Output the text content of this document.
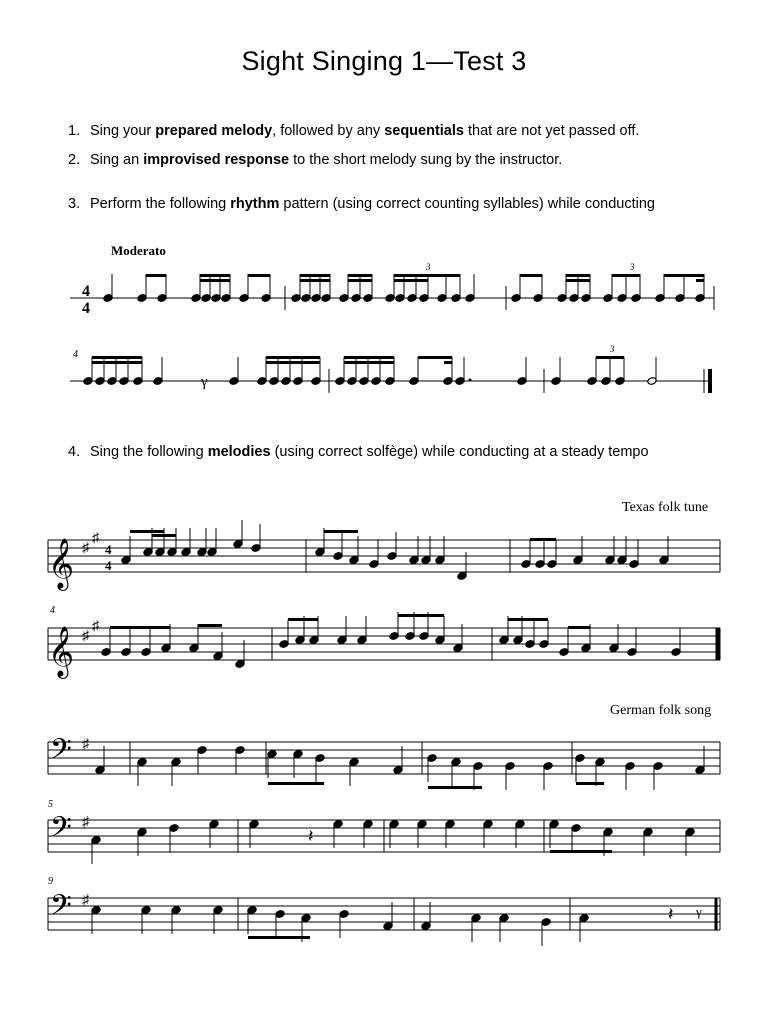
Sight Singing 1—Test 3
1. Sing your prepared melody, followed by any sequentials that are not yet passed off.
2. Sing an improvised response to the short melody sung by the instructor.
3. Perform the following rhythm pattern (using correct counting syllables) while conducting
4. Sing the following melodies (using correct solfège) while conducting at a steady tempo
Moderato
4
4
4
3	3
γ
3
𝄞 ♯
♯
4
4
𝄞 ♯
♯
𝄢 ♯
𝄢 ♯
𝄢 ♯
𝄽
𝄽 γ
Texas folk tune
4
German folk song
5
9
